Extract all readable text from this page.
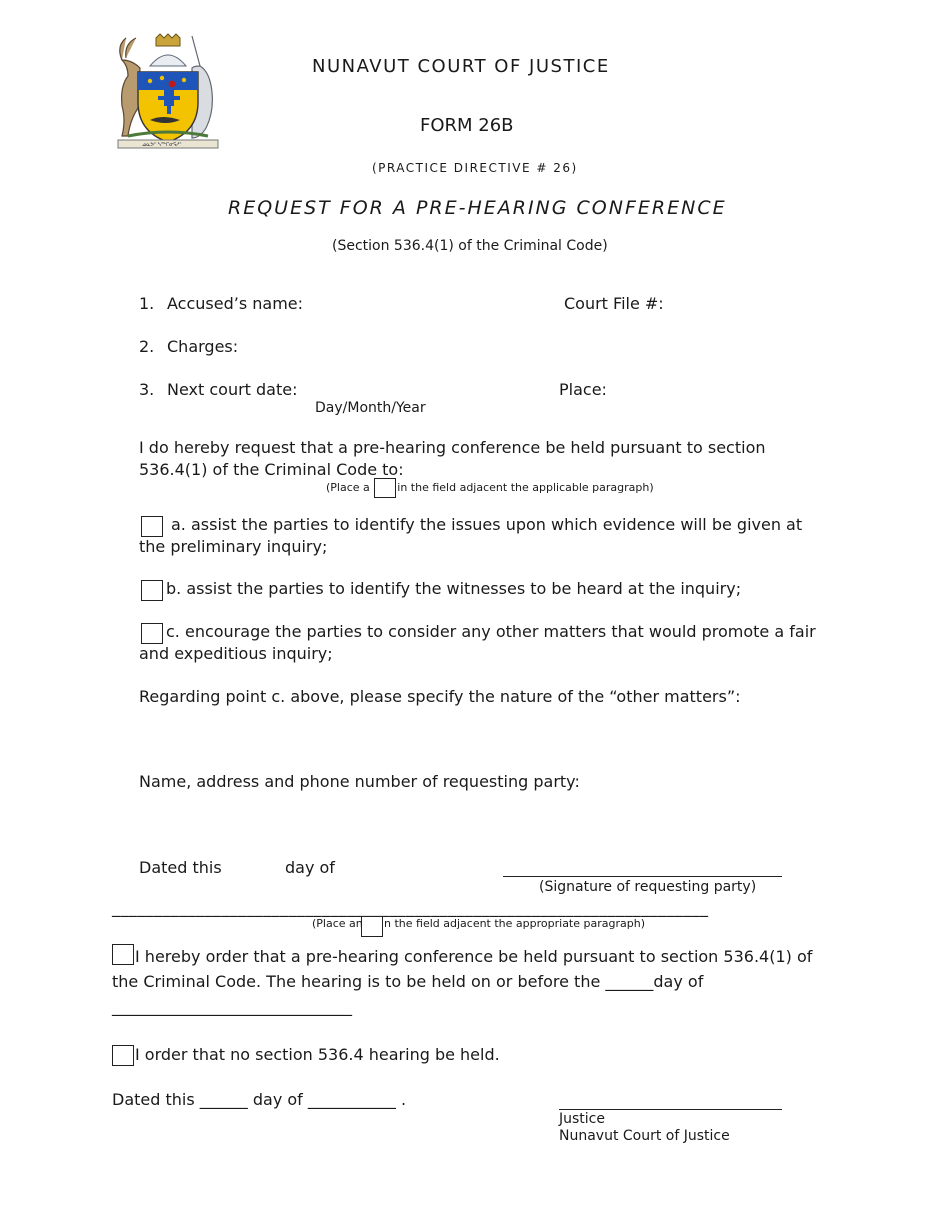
ᓄᓇᕗᑦ ᓴᙱᓂᕋᓱᑦ
NUNAVUT COURT OF JUSTICE
FORM 26B
(PRACTICE DIRECTIVE # 26)
REQUEST FOR A PRE-HEARING CONFERENCE
(Section 536.4(1) of the Criminal Code)
1. Accused’s name:	Court File #:
2. Charges:
3. Next court date:
Day/Month/Year
Place:
I do hereby request that a pre-hearing conference be held pursuant to section 536.4(1) of the Criminal Code to:
(Place a	in the field adjacent the applicable paragraph)
a. assist the parties to identify the issues upon which evidence will be given at the preliminary inquiry;
b. assist the parties to identify the witnesses to be heard at the inquiry;
c. encourage the parties to consider any other matters that would promote a fair and expeditious inquiry;
Regarding point c. above, please specify the nature of the “other matters”:
Name, address and phone number of requesting party:
Dated this	day of
(Signature of requesting party)
_______________________________________________________________________
(Place an n the field adjacent the appropriate paragraph)
I hereby order that a pre-hearing conference be held pursuant to section 536.4(1) of the Criminal Code. The hearing is to be held on or before the ______day of ______________________________
I order that no section 536.4 hearing be held.
Dated this ______ day of ___________ .
Justice
Nunavut Court of Justice
